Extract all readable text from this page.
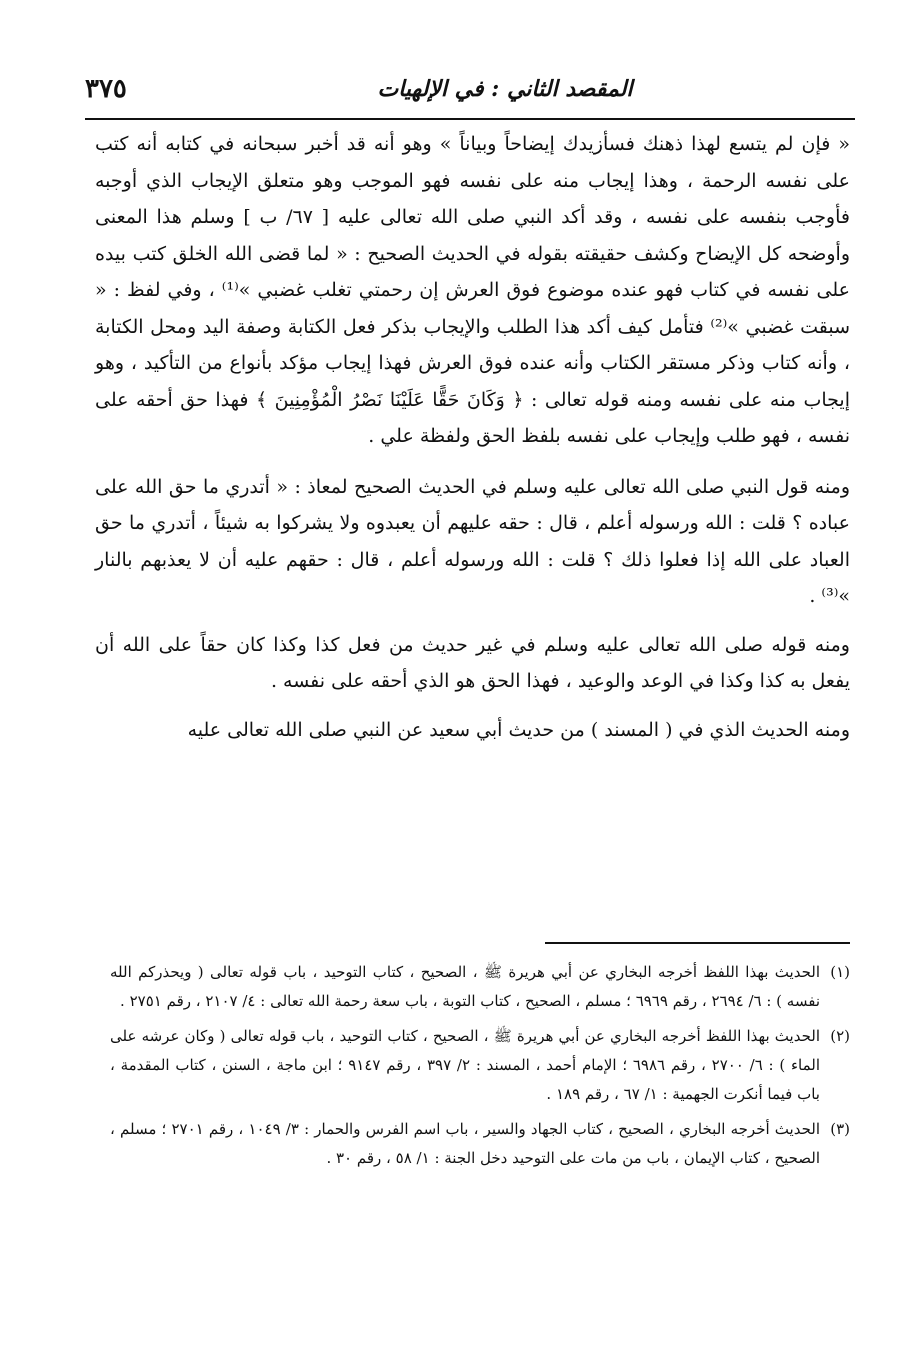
٣٧٥	المقصد الثاني : في الإلهيات

« فإن لم يتسع لهذا ذهنك فسأزيدك إيضاحاً وبياناً » وهو أنه قد أخبر سبحانه في كتابه أنه كتب على نفسه الرحمة ، وهذا إيجاب منه على نفسه فهو الموجب وهو متعلق الإيجاب الذي أوجبه فأوجب بنفسه على نفسه ، وقد أكد النبي صلى الله تعالى عليه [ ٦٧/ ب ] وسلم هذا المعنى وأوضحه كل الإيضاح وكشف حقيقته بقوله في الحديث الصحيح : « لما قضى الله الخلق كتب بيده على نفسه في كتاب فهو عنده موضوع فوق العرش إن رحمتي تغلب غضبي »⁽¹⁾ ، وفي لفظ : « سبقت غضبي »⁽²⁾ فتأمل كيف أكد هذا الطلب والإيجاب بذكر فعل الكتابة وصفة اليد ومحل الكتابة ، وأنه كتاب وذكر مستقر الكتاب وأنه عنده فوق العرش فهذا إيجاب مؤكد بأنواع من التأكيد ، وهو إيجاب منه على نفسه ومنه قوله تعالى : ﴿ وَكَانَ حَقًّا عَلَيْنَا نَصْرُ الْمُؤْمِنِينَ ﴾ فهذا حق أحقه على نفسه ، فهو طلب وإيجاب على نفسه بلفظ الحق ولفظة علي .

ومنه قول النبي صلى الله تعالى عليه وسلم في الحديث الصحيح لمعاذ : « أتدري ما حق الله على عباده ؟ قلت : الله ورسوله أعلم ، قال : حقه عليهم أن يعبدوه ولا يشركوا به شيئاً ، أتدري ما حق العباد على الله إذا فعلوا ذلك ؟ قلت : الله ورسوله أعلم ، قال : حقهم عليه أن لا يعذبهم بالنار »⁽³⁾ .

ومنه قوله صلى الله تعالى عليه وسلم في غير حديث من فعل كذا وكذا كان حقاً على الله أن يفعل به كذا وكذا في الوعد والوعيد ، فهذا الحق هو الذي أحقه على نفسه .

ومنه الحديث الذي في ( المسند ) من حديث أبي سعيد عن النبي صلى الله تعالى عليه

(١)
الحديث بهذا اللفظ أخرجه البخاري عن أبي هريرة ﷺ ، الصحيح ، كتاب التوحيد ، باب قوله تعالى ( ويحذركم الله نفسه ) : ٦/ ٢٦٩٤ ، رقم ٦٩٦٩ ؛ مسلم ، الصحيح ، كتاب التوبة ، باب سعة رحمة الله تعالى : ٤/ ٢١٠٧ ، رقم ٢٧٥١ .
(٢)
الحديث بهذا اللفظ أخرجه البخاري عن أبي هريرة ﷺ ، الصحيح ، كتاب التوحيد ، باب قوله تعالى ( وكان عرشه على الماء ) : ٦/ ٢٧٠٠ ، رقم ٦٩٨٦ ؛ الإمام أحمد ، المسند : ٢/ ٣٩٧ ، رقم ٩١٤٧ ؛ ابن ماجة ، السنن ، كتاب المقدمة ، باب فيما أنكرت الجهمية : ١/ ٦٧ ، رقم ١٨٩ .
(٣)
الحديث أخرجه البخاري ، الصحيح ، كتاب الجهاد والسير ، باب اسم الفرس والحمار : ٣/ ١٠٤٩ ، رقم ٢٧٠١ ؛ مسلم ، الصحيح ، كتاب الإيمان ، باب من مات على التوحيد دخل الجنة : ١/ ٥٨ ، رقم ٣٠ .
